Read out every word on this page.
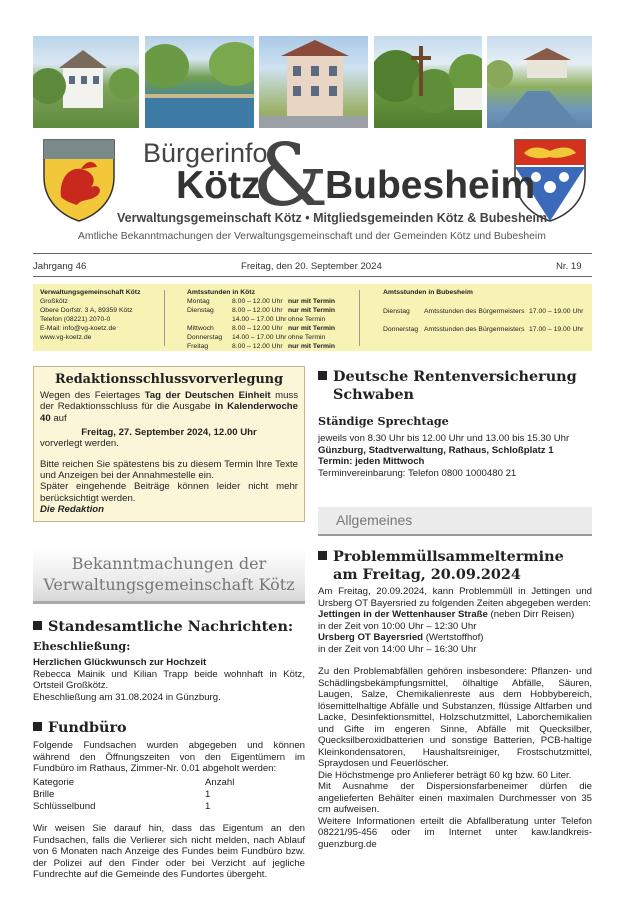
Bürgerinfo
Kötz
&
Bubesheim
Verwaltungsgemeinschaft Kötz • Mitgliedsgemeinden Kötz & Bubesheim
Amtliche Bekanntmachungen der Verwaltungsgemeinschaft und der Gemeinden Kötz und Bubesheim
Jahrgang 46	Freitag, den 20. September 2024	Nr. 19
Verwaltungsgemeinschaft Kötz
Großkötz
Obere Dorfstr. 3 A, 89359 Kötz
Telefon (08221) 2070-0
E-Mail: info@vg-koetz.de
www.vg-koetz.de
Amtsstunden in Kötz
Montag	8.00 – 12.00 Uhr nur mit Termin
Dienstag	8.00 – 12.00 Uhr nur mit Termin
14.00 – 17.00 Uhr ohne Termin
Mittwoch	8.00 – 12.00 Uhr nur mit Termin
Donnerstag 14.00 – 17.00 Uhr ohne Termin
Freitag	8.00 – 12.00 Uhr nur mit Termin
Amtsstunden in Bubesheim
Dienstag Amtsstunden des Bürgermeisters 17.00 – 19.00 Uhr
Donnerstag Amtsstunden des Bürgermeisters 17.00 – 19.00 Uhr
Redaktionsschlussvorverlegung

Wegen des Feiertages Tag der Deutschen Einheit muss der Redaktionsschluss für die Ausgabe in Kalenderwoche 40 auf

Freitag, 27. September 2024, 12.00 Uhr

vorverlegt werden.

Bitte reichen Sie spätestens bis zu diesem Termin Ihre Texte und Anzeigen bei der Annahmestelle ein.

Später eingehende Beiträge können leider nicht mehr berücksichtigt werden.

Die Redaktion

Bekanntmachungen der
Verwaltungsgemeinschaft Kötz
Standesamtliche Nachrichten:
Eheschließung:
Herzlichen Glückwunsch zur Hochzeit
Rebecca Mainik und Kilian Trapp beide wohnhaft in Kötz, Ortsteil Großkötz.
Eheschließung am 31.08.2024 in Günzburg.
Fundbüro
Folgende Fundsachen wurden abgegeben und können während den Öffnungszeiten von den Eigentümern im Fundbüro im Rathaus, Zimmer-Nr. 0.01 abgeholt werden:
Kategorie	Anzahl
Brille	1
Schlüsselbund	1
Wir weisen Sie darauf hin, dass das Eigentum an den Fundsachen, falls die Verlierer sich nicht melden, nach Ablauf von 6 Monaten nach Anzeige des Fundes beim Fundbüro bzw. der Polizei auf den Finder oder bei Verzicht auf jegliche Fundrechte auf die Gemeinde des Fundortes übergeht.
Deutsche Rentenversicherung
Schwaben
Ständige Sprechtage
jeweils von 8.30 Uhr bis 12.00 Uhr und 13.00 bis 15.30 Uhr
Günzburg, Stadtverwaltung, Rathaus, Schloßplatz 1
Termin: jeden Mittwoch
Terminvereinbarung: Telefon 0800 1000480 21
Allgemeines
Problemmüllsammeltermine
am Freitag, 20.09.2024
Am Freitag, 20.09.2024, kann Problemmüll in Jettingen und Ursberg OT Bayersried zu folgenden Zeiten abgegeben werden:
Jettingen in der Wettenhauser Straße (neben Dirr Reisen)
in der Zeit von 10:00 Uhr – 12:30 Uhr
Ursberg OT Bayersried (Wertstoffhof)
in der Zeit von 14:00 Uhr – 16:30 Uhr
Zu den Problemabfällen gehören insbesondere: Pflanzen- und Schädlingsbekämpfungsmittel, ölhaltige Abfälle, Säuren, Laugen, Salze, Chemikalienreste aus dem Hobbybereich, lösemittelhaltige Abfälle und Substanzen, flüssige Altfarben und Lacke, Desinfektionsmittel, Holzschutzmittel, Laborchemikalien und Gifte im engeren Sinne, Abfälle mit Quecksilber, Quecksilberoxidbatterien und sonstige Batterien, PCB-haltige Kleinkondensatoren, Haushaltsreiniger, Frostschutzmittel, Spraydosen und Feuerlöscher.
Die Höchstmenge pro Anlieferer beträgt 60 kg bzw. 60 Liter.
Mit Ausnahme der Dispersionsfarbeneimer dürfen die angelieferten Behälter einen maximalen Durchmesser von 35 cm aufweisen.
Weitere Informationen erteilt die Abfallberatung unter Telefon 08221/95-456 oder im Internet unter kaw.landkreis-guenzburg.de
